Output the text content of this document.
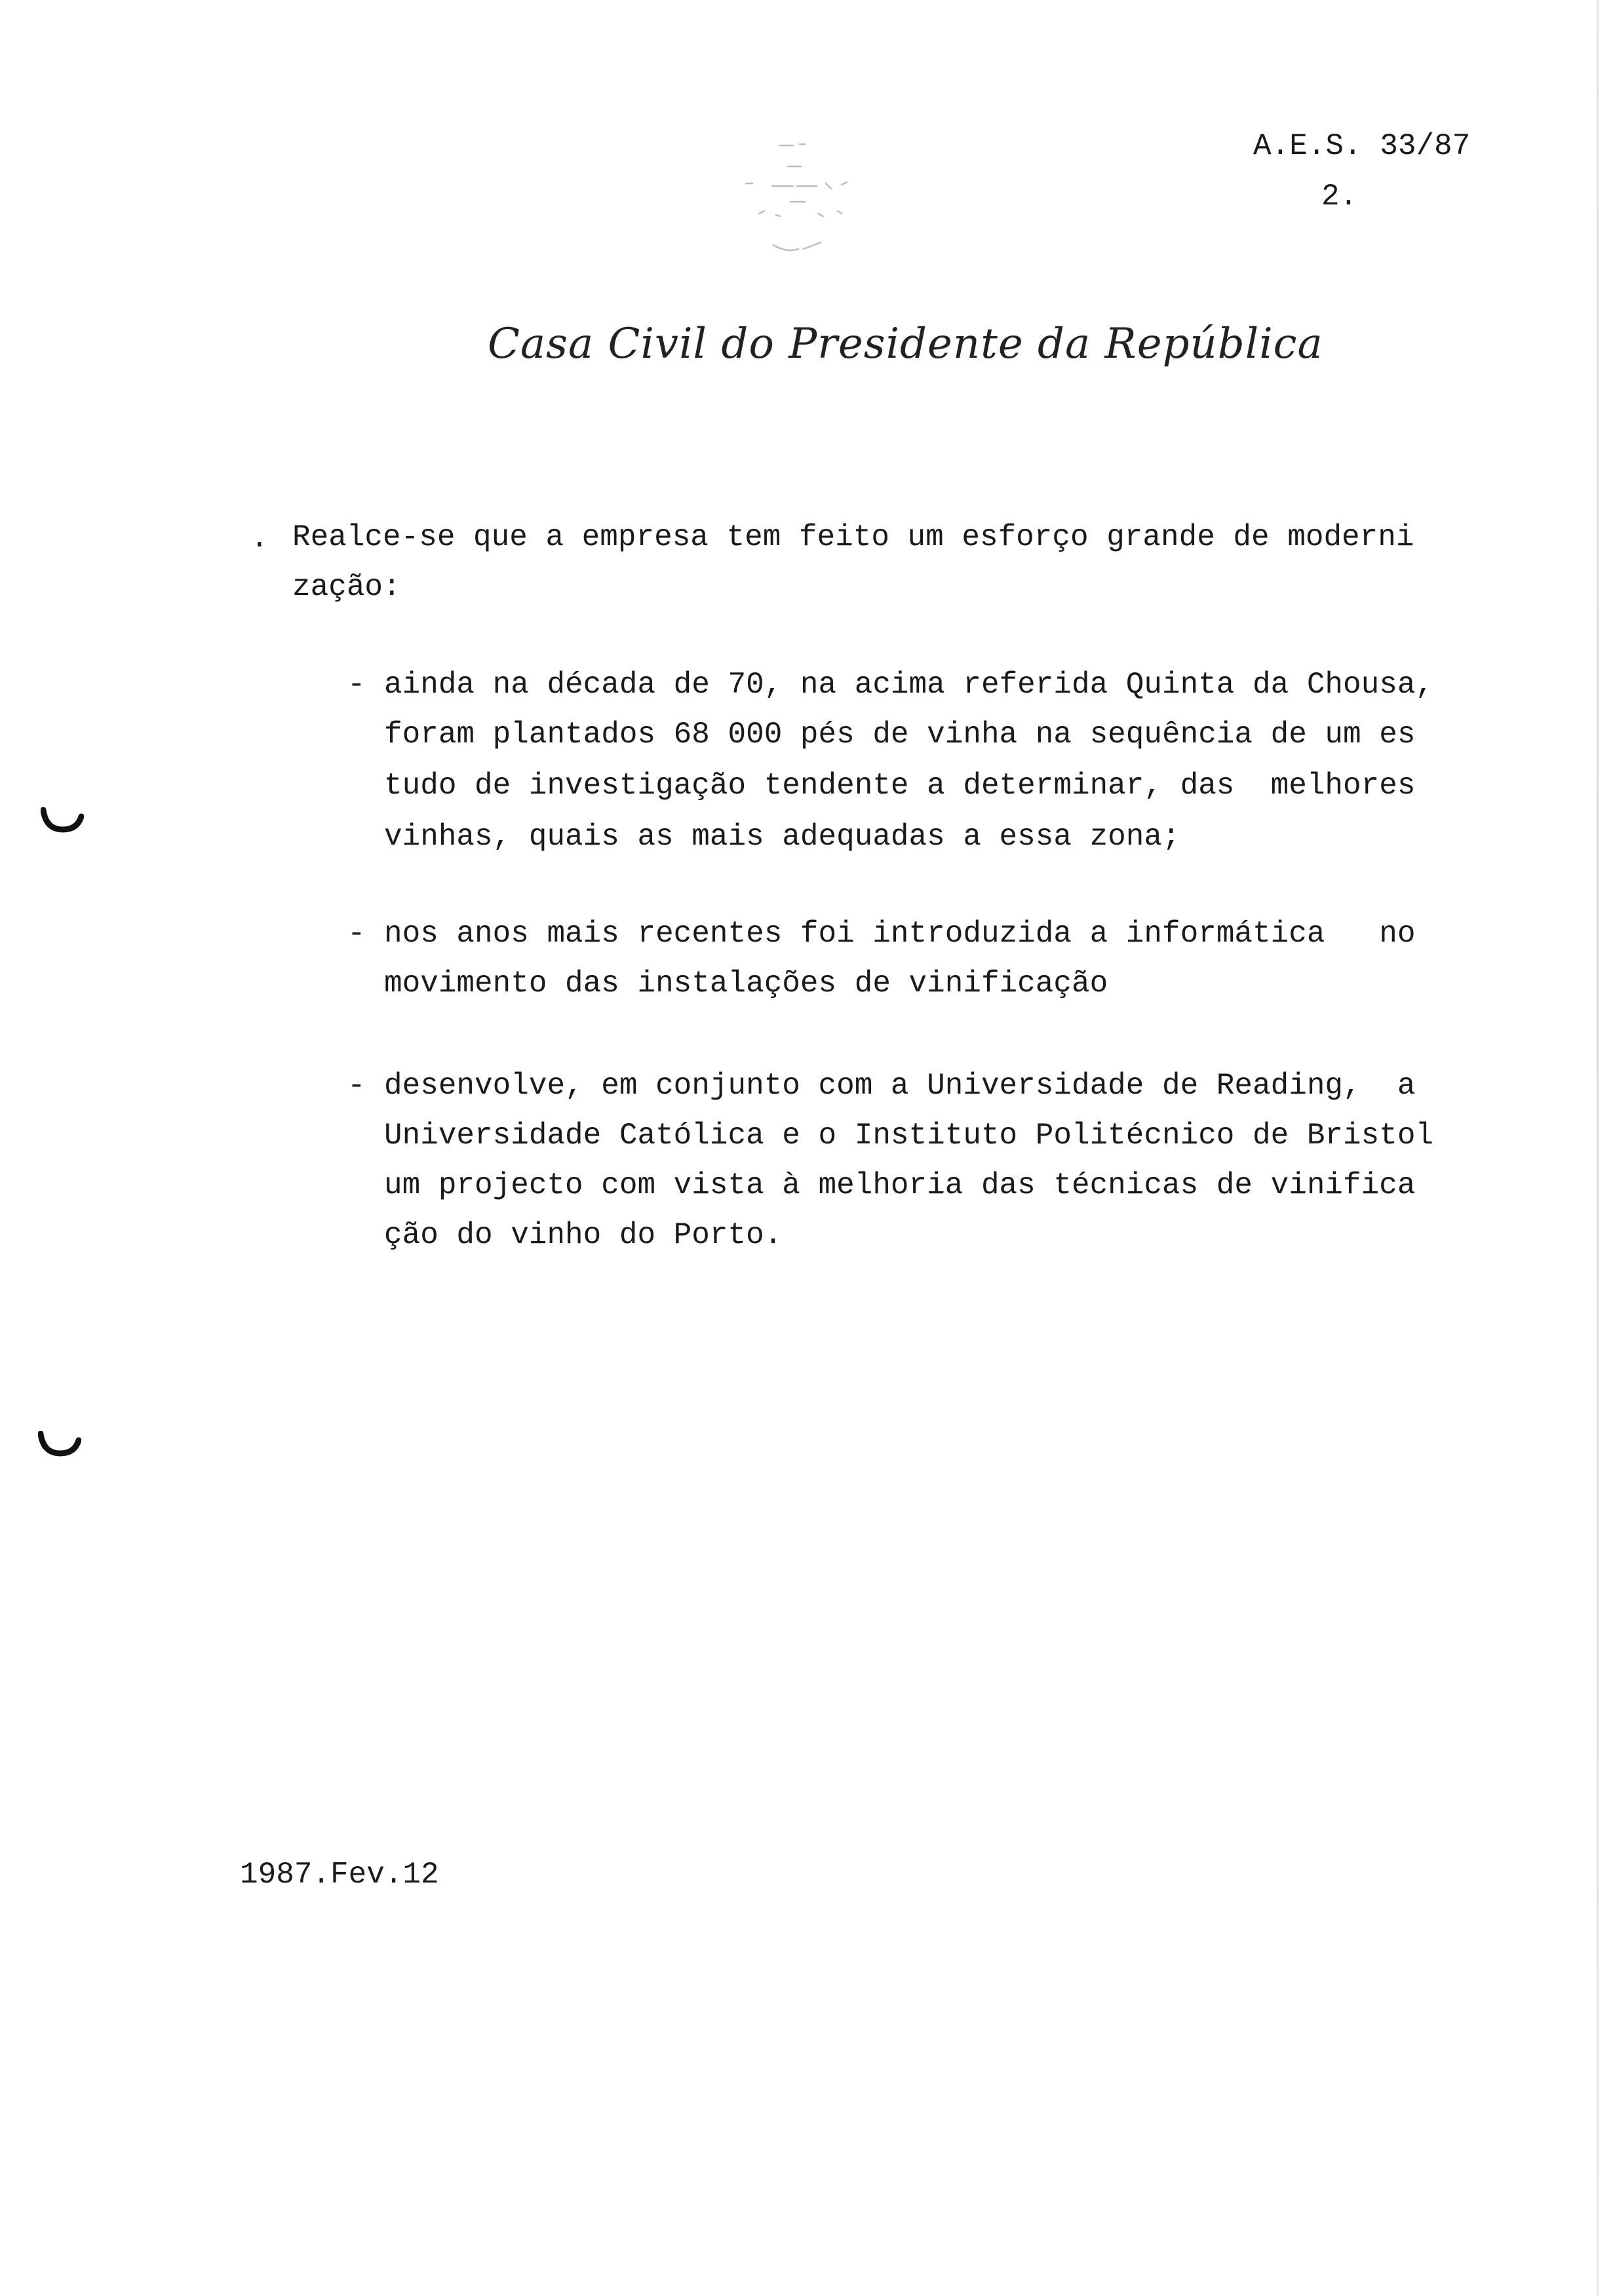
A.E.S. 33/87
2.
Casa Civil do Presidente da República
. Realce-se que a empresa tem feito um esforço grande de moderni
zação:
- ainda na década de 70, na acima referida Quinta da Chousa,
foram plantados 68 000 pés de vinha na sequência de um es
tudo de investigação tendente a determinar, das  melhores
vinhas, quais as mais adequadas a essa zona;
- nos anos mais recentes foi introduzida a informática   no
movimento das instalações de vinificação
- desenvolve, em conjunto com a Universidade de Reading,  a
Universidade Católica e o Instituto Politécnico de Bristol
um projecto com vista à melhoria das técnicas de vinifica
ção do vinho do Porto.
1987.Fev.12
